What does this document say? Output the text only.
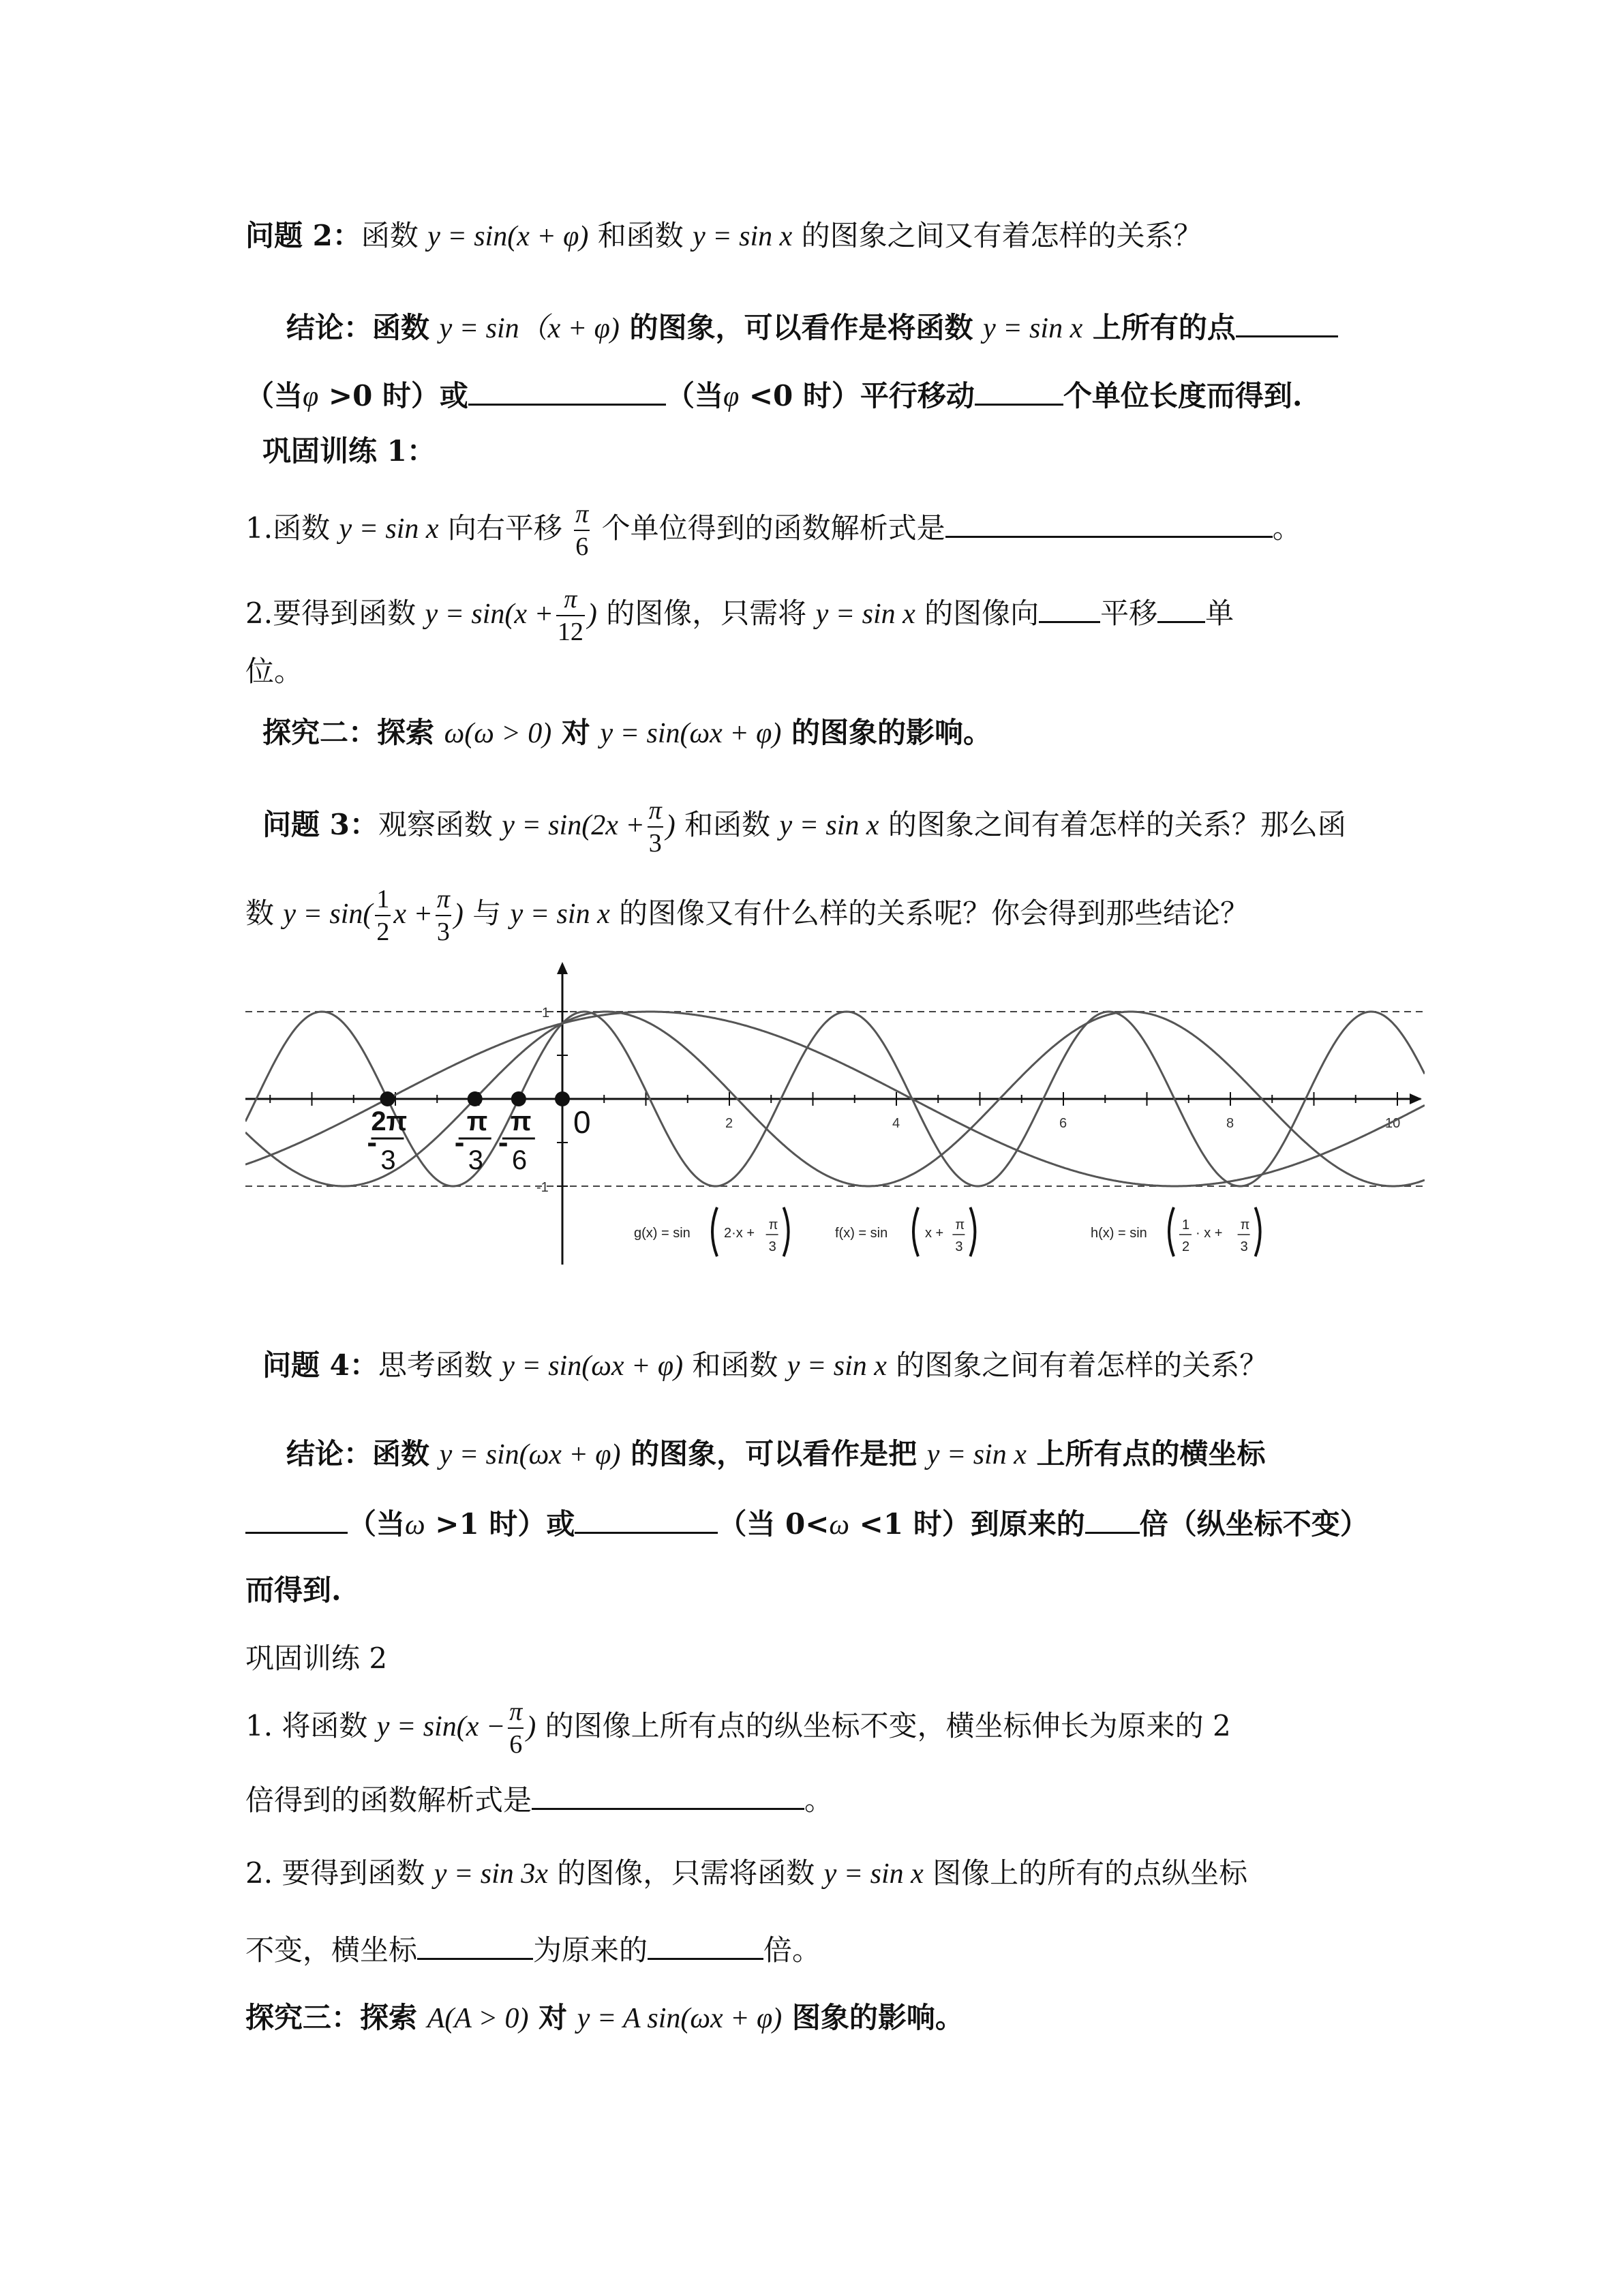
问题 2：函数 y = sin(x + φ) 和函数 y = sin x 的图象之间又有着怎样的关系？
结论：函数 y = sin（x + φ) 的图象，可以看作是将函数 y = sin x 上所有的点
（当φ >0 时）或	（当φ <0 时）平行移动	个单位长度而得到.
巩固训练 1：
1.函数 y = sin x 向右平移 $\frac{\pi}{6}$ 个单位得到的函数解析式是	。
2.要得到函数 $y = \sin(x + \frac{\pi}{12}$ ) 的图像，只需将 y = sin x 的图像向 平移 单
位。
探究二：探索 ω(ω > 0) 对 y = sin(ωx + φ) 的图象的影响。
问题 3：观察函数 $y = \sin(2x + \frac{\pi}{3}$ ) 和函数 y = sin x 的图象之间有着怎样的关系？那么函
数 $y = \sin( \frac{1}{2}$ $x + \frac{\pi}{3}$ ) 与 y = sin x 的图像又有什么样的关系呢？你会得到那些结论？
2	4	6	8	10
1
-1
0
-
2π
3
-
π
3
-
π
6
g(x) = sin 2·x +
π
3
f(x) = sin	x +
π
3
h(x) = sin
1
2
· x +
π
3
问题 4：思考函数 y = sin(ωx + φ) 和函数 y = sin x 的图象之间有着怎样的关系？
结论：函数 y = sin(ωx + φ) 的图象，可以看作是把 y = sin x 上所有点的横坐标
（当ω >1 时）或	（当 0<ω <1 时）到原来的 倍（纵坐标不变）
而得到.
巩固训练 2
1. 将函数 $y = \sin(x - \frac{\pi}{6}$ ) 的图像上所有点的纵坐标不变，横坐标伸长为原来的 2
倍得到的函数解析式是	。
2. 要得到函数 y = sin 3x 的图像，只需将函数 y = sin x 图像上的所有的点纵坐标
不变，横坐标	为原来的	倍。
探究三：探索 A(A > 0) 对 y = A sin(ωx + φ) 图象的影响。
